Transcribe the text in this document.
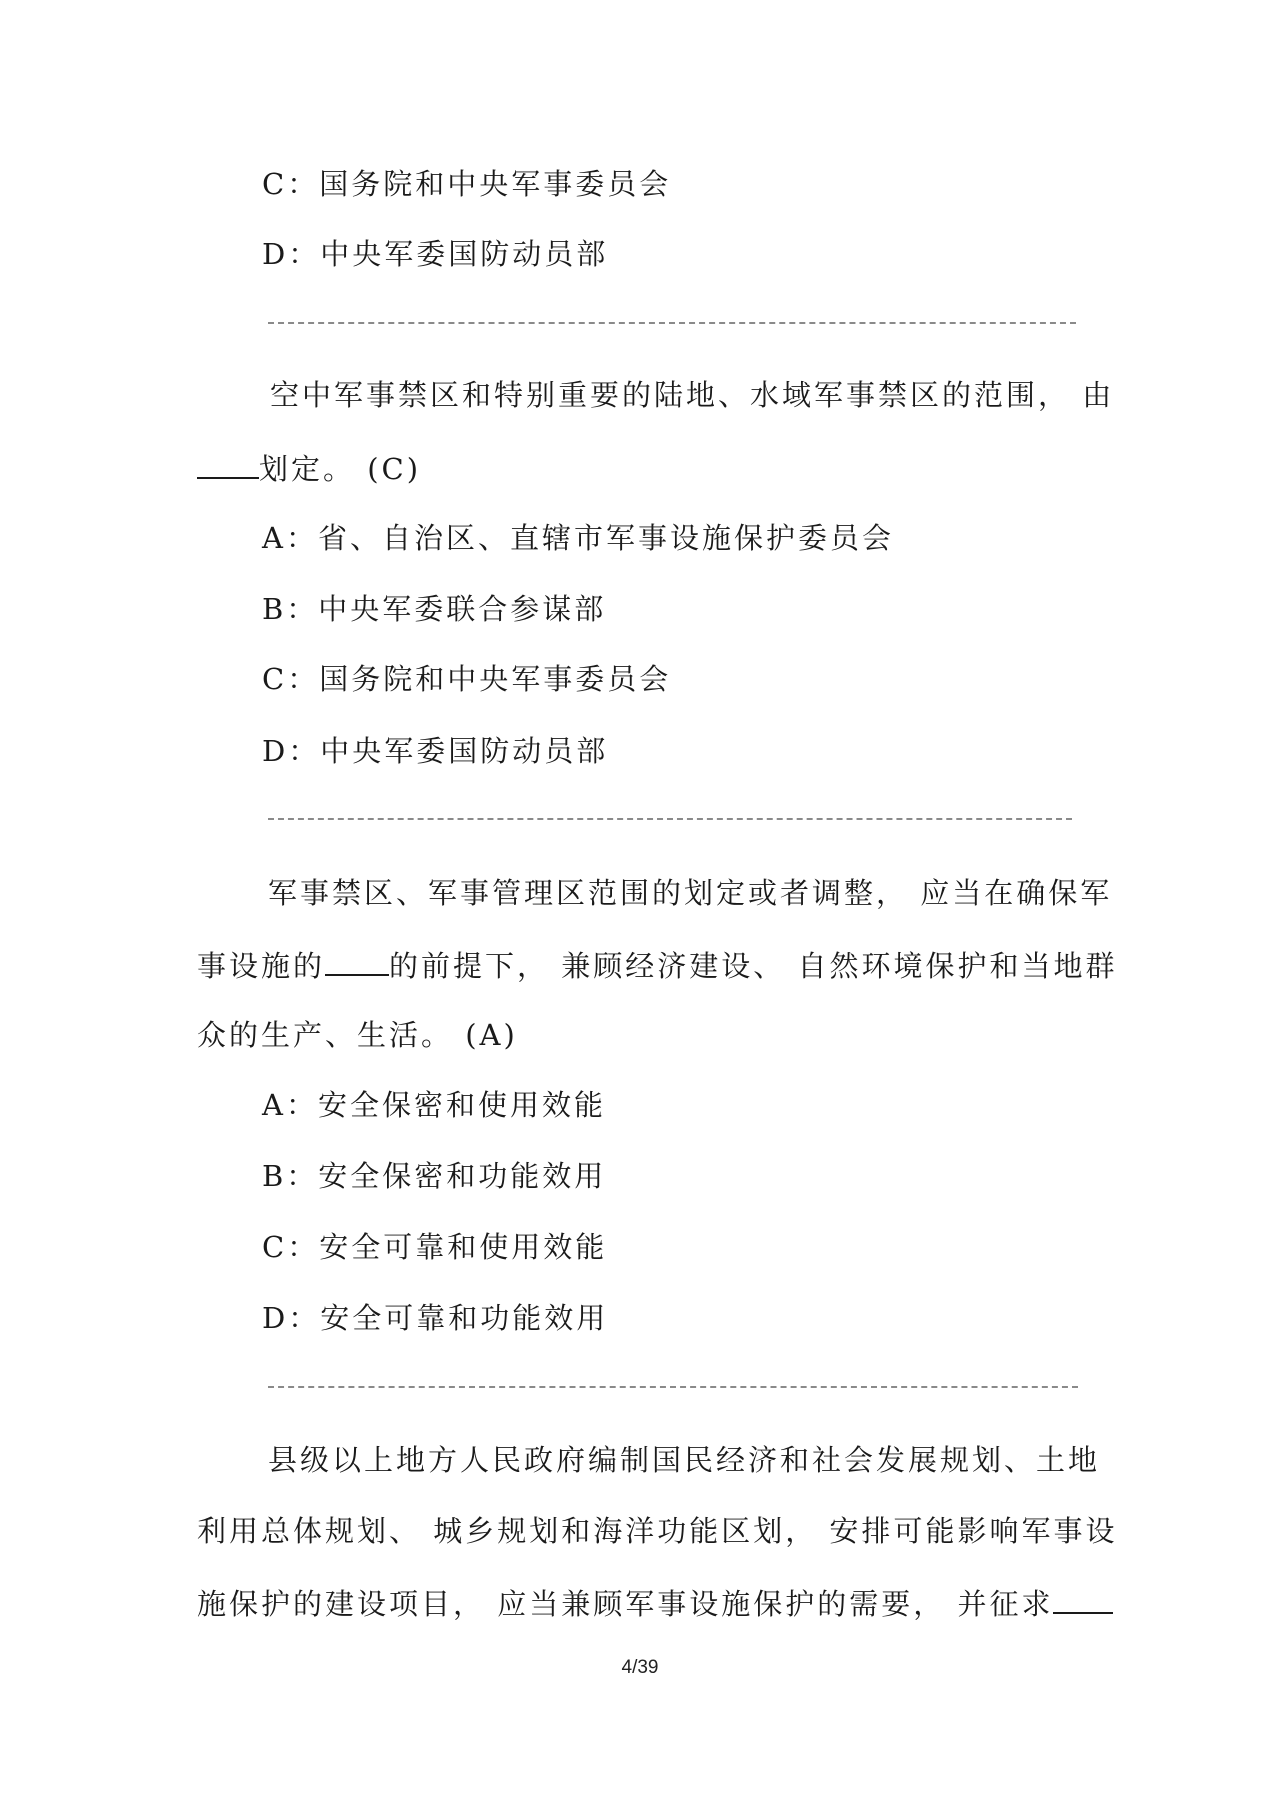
C：国务院和中央军事委员会
D：中央军委国防动员部
空中军事禁区和特别重要的陆地、水域军事禁区的范围， 由
划定。 (C)
A：省、自治区、直辖市军事设施保护委员会
B：中央军委联合参谋部
C：国务院和中央军事委员会
D：中央军委国防动员部
军事禁区、军事管理区范围的划定或者调整， 应当在确保军
事设施的 的前提下， 兼顾经济建设、 自然环境保护和当地群
众的生产、生活。 (A)
A：安全保密和使用效能
B：安全保密和功能效用
C：安全可靠和使用效能
D：安全可靠和功能效用
县级以上地方人民政府编制国民经济和社会发展规划、土地
利用总体规划、 城乡规划和海洋功能区划， 安排可能影响军事设
施保护的建设项目， 应当兼顾军事设施保护的需要， 并征求
4/39
